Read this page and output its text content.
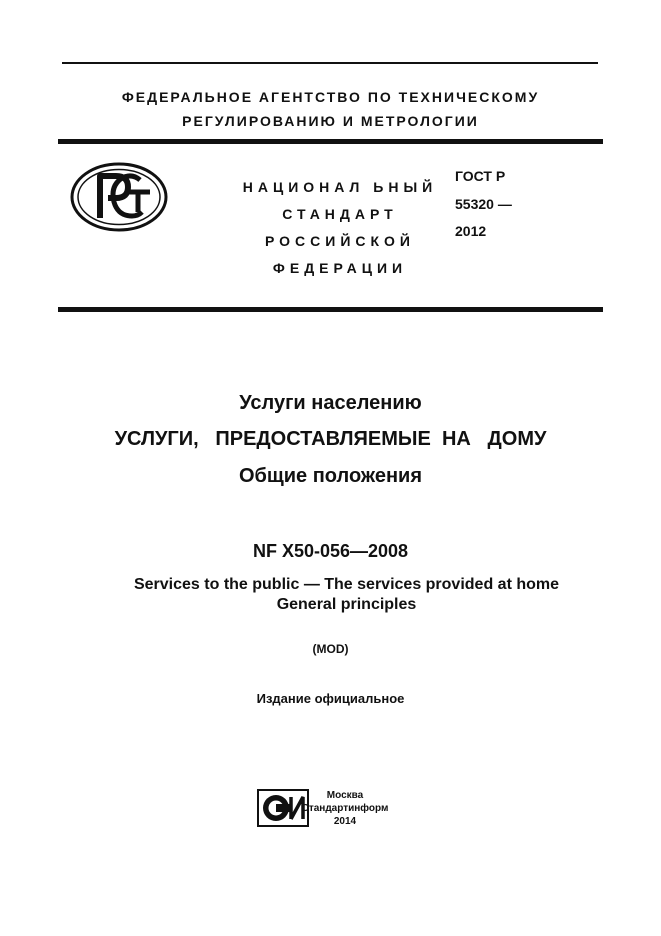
ФЕДЕРАЛЬНОЕ АГЕНТСТВО ПО ТЕХНИЧЕСКОМУ
РЕГУЛИРОВАНИЮ И МЕТРОЛОГИИ
НАЦИОНАЛ ЬНЫЙ
СТАНДАРТ
РОССИЙСКОЙ
ФЕДЕРАЦИИ
ГОСТ Р
55320 —
2012
Услуги населению
УСЛУГИ,   ПРЕДОСТАВЛЯЕМЫЕ  НА   ДОМУ
Общие положения
NF X50-056—2008
Services to the public — The services provided at home
General principles
(MOD)
Издание официальное
Москва
Стандартинформ
2014
